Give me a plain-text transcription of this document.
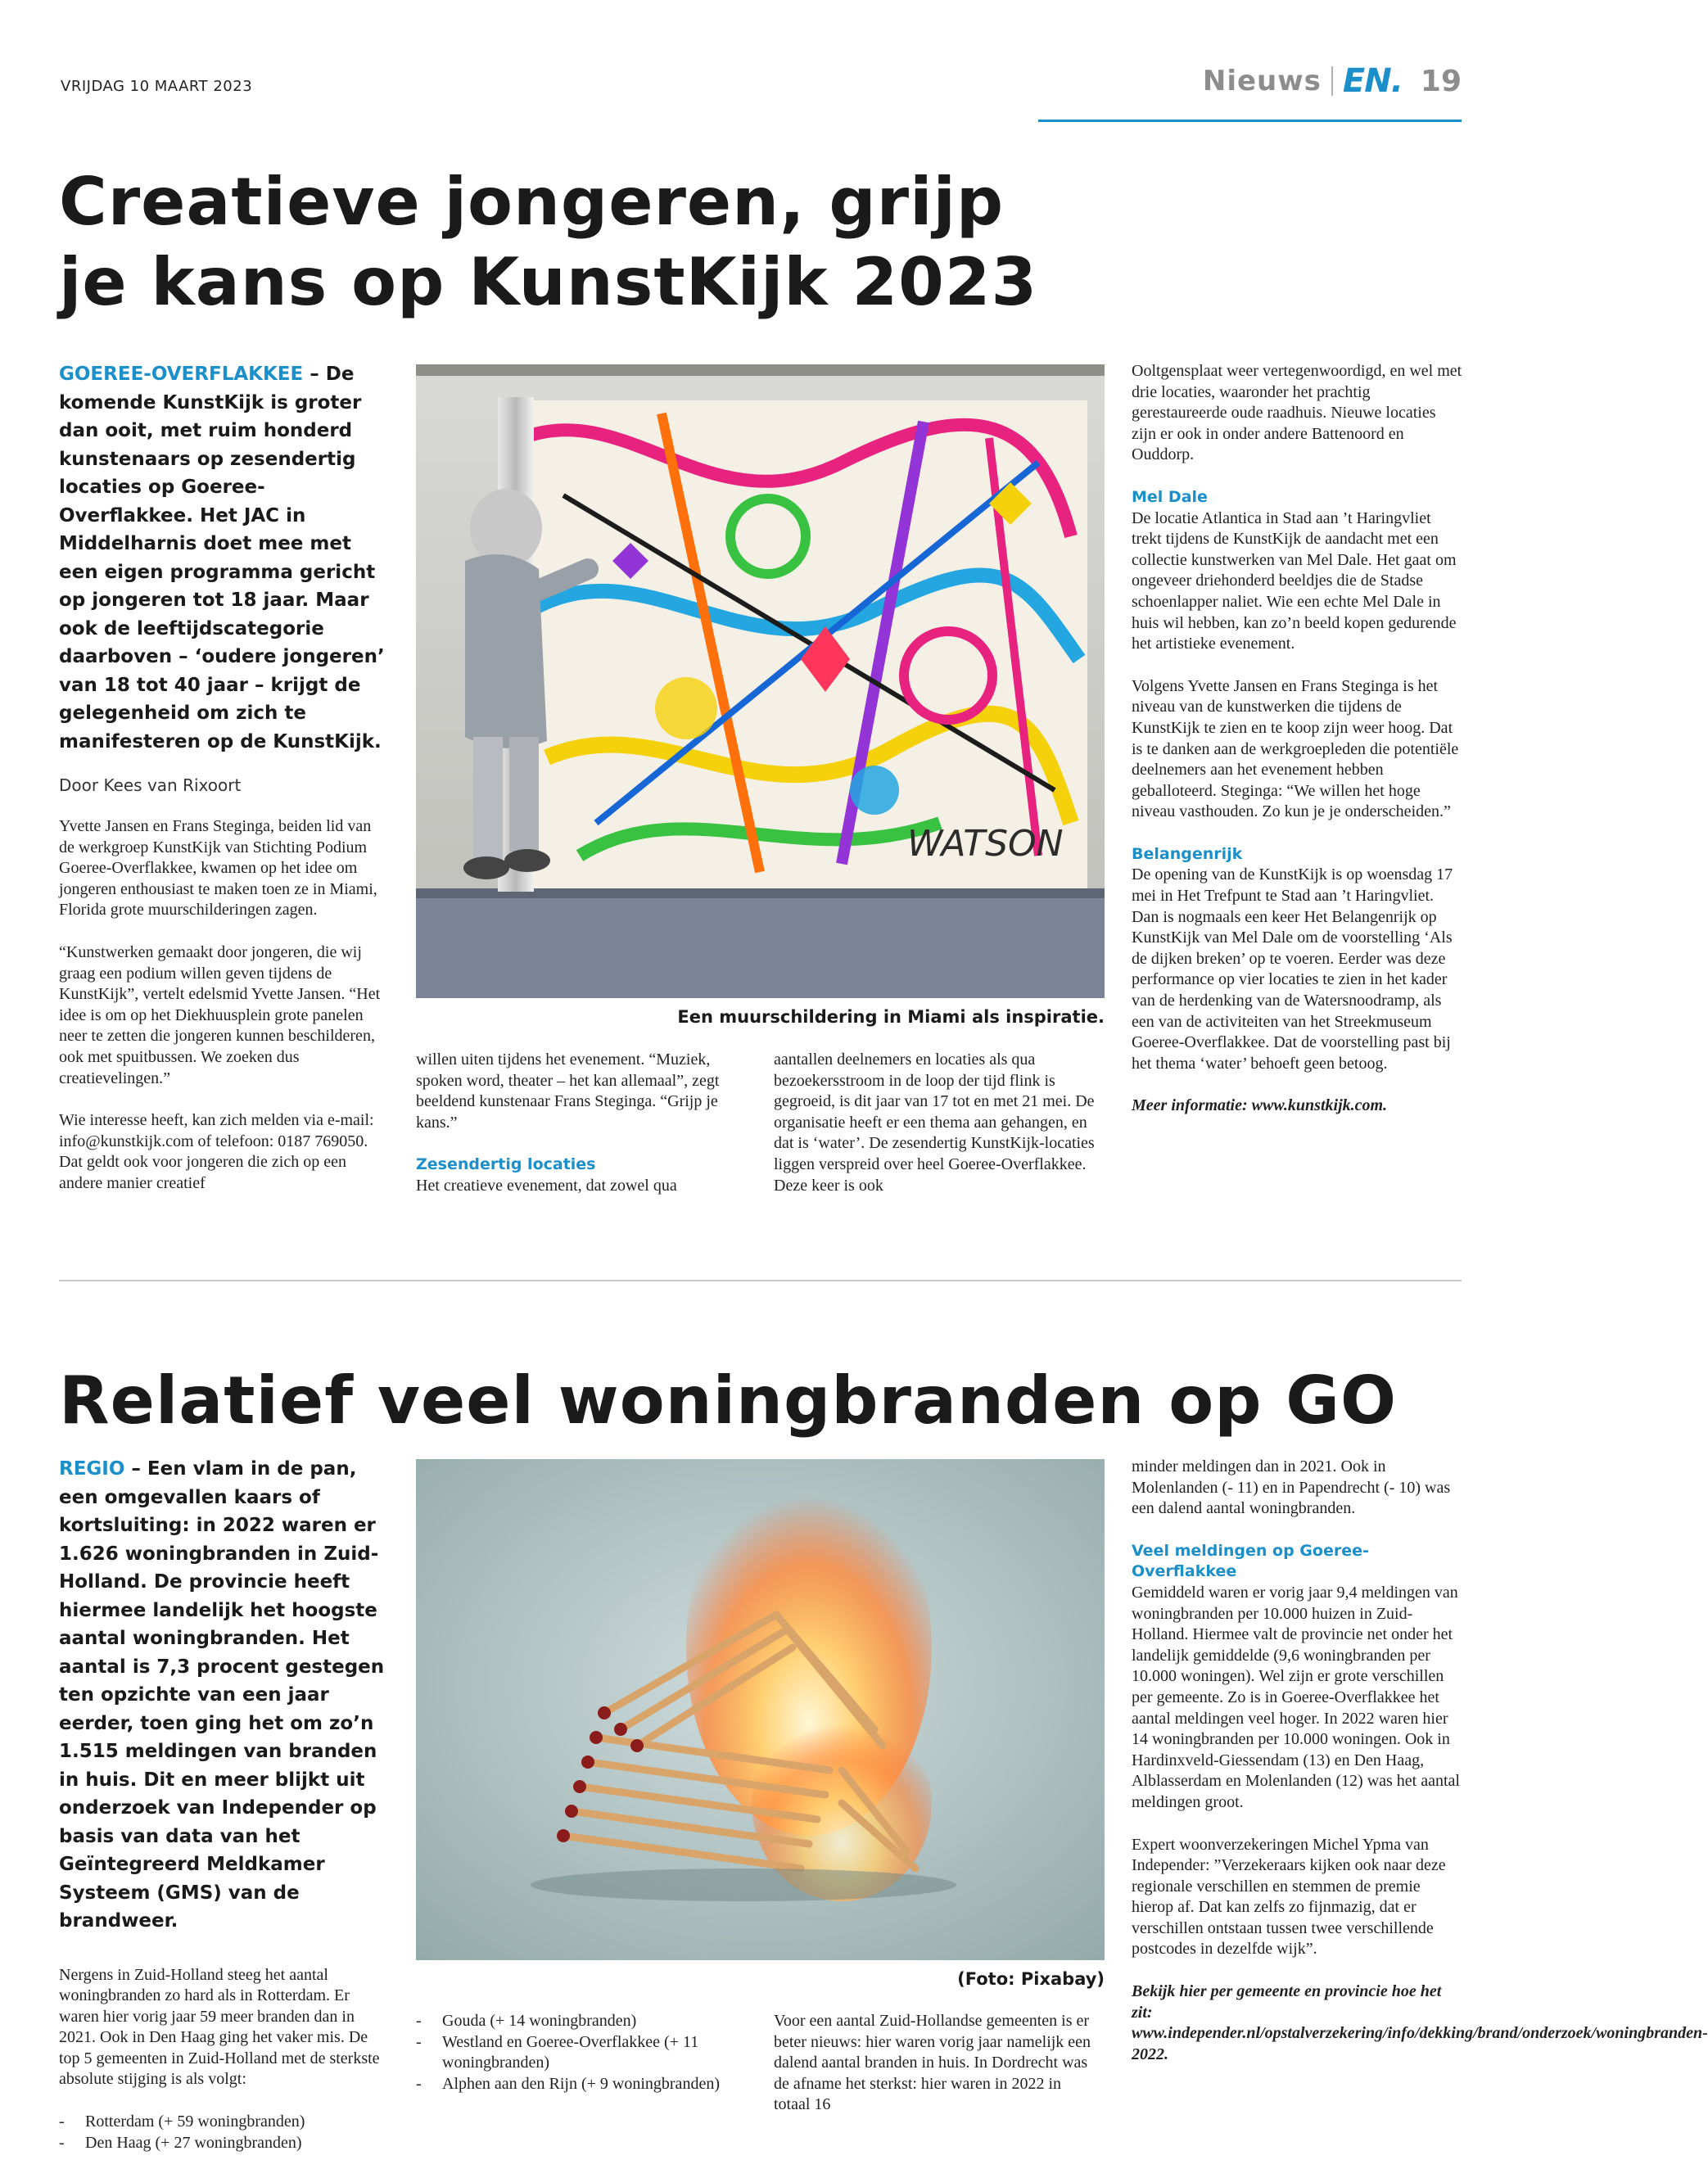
VRIJDAG 10 MAART 2023	Nieuws EN. 19
Creatieve jongeren, grijp
je kans op KunstKijk 2023
GOEREE-OVERFLAKKEE – De komende KunstKijk is groter dan ooit, met ruim honderd kunstenaars op zesendertig locaties op Goeree-Overflakkee. Het JAC in Middelharnis doet mee met een eigen programma gericht op jongeren tot 18 jaar. Maar ook de leeftijdscategorie daarboven – ‘oudere jongeren’ van 18 tot 40 jaar – krijgt de gelegenheid om zich te manifesteren op de KunstKijk.
Door Kees van Rixoort

Yvette Jansen en Frans Steginga, beiden lid van de werkgroep KunstKijk van Stichting Podium Goeree-Overflakkee, kwamen op het idee om jongeren enthousiast te maken toen ze in Miami, Florida grote muurschilderingen zagen.

“Kunstwerken gemaakt door jongeren, die wij graag een podium willen geven tijdens de KunstKijk”, vertelt edelsmid Yvette Jansen. “Het idee is om op het Diekhuusplein grote panelen neer te zetten die jongeren kunnen beschilderen, ook met spuitbussen. We zoeken dus creatievelingen.”

Wie interesse heeft, kan zich melden via e-mail: info@kunstkijk.com of telefoon: 0187 769050. Dat geldt ook voor jongeren die zich op een andere manier creatief

WATSON
Een muurschildering in Miami als inspiratie.

willen uiten tijdens het evenement. “Muziek, spoken word, theater – het kan allemaal”, zegt beeldend kunstenaar Frans Steginga. “Grijp je kans.”

Zesendertig locaties

Het creatieve evenement, dat zowel qua

aantallen deelnemers en locaties als qua bezoekersstroom in de loop der tijd flink is gegroeid, is dit jaar van 17 tot en met 21 mei. De organisatie heeft er een thema aan gehangen, en dat is ‘water’. De zesendertig KunstKijk-locaties liggen verspreid over heel Goeree-Overflakkee. Deze keer is ook

Ooltgensplaat weer vertegenwoordigd, en wel met drie locaties, waaronder het prachtig gerestaureerde oude raadhuis. Nieuwe locaties zijn er ook in onder andere Battenoord en Ouddorp.

Mel Dale

De locatie Atlantica in Stad aan ’t Haringvliet trekt tijdens de KunstKijk de aandacht met een collectie kunstwerken van Mel Dale. Het gaat om ongeveer driehonderd beeldjes die de Stadse schoenlapper naliet. Wie een echte Mel Dale in huis wil hebben, kan zo’n beeld kopen gedurende het artistieke evenement.

Volgens Yvette Jansen en Frans Steginga is het niveau van de kunstwerken die tijdens de KunstKijk te zien en te koop zijn weer hoog. Dat is te danken aan de werkgroepleden die potentiële deelnemers aan het evenement hebben geballoteerd. Steginga: “We willen het hoge niveau vasthouden. Zo kun je je onderscheiden.”

Belangenrijk

De opening van de KunstKijk is op woensdag 17 mei in Het Trefpunt te Stad aan ’t Haringvliet. Dan is nogmaals een keer Het Belangenrijk op KunstKijk van Mel Dale om de voorstelling ‘Als de dijken breken’ op te voeren. Eerder was deze performance op vier locaties te zien in het kader van de herdenking van de Watersnoodramp, als een van de activiteiten van het Streekmuseum Goeree-Overflakkee. Dat de voorstelling past bij het thema ‘water’ behoeft geen betoog.

Meer informatie: www.kunstkijk.com.

Relatief veel woningbranden op GO
REGIO – Een vlam in de pan, een omgevallen kaars of kortsluiting: in 2022 waren er 1.626 woningbranden in Zuid-Holland. De provincie heeft hiermee landelijk het hoogste aantal woningbranden. Het aantal is 7,3 procent gestegen ten opzichte van een jaar eerder, toen ging het om zo’n 1.515 meldingen van branden in huis. Dit en meer blijkt uit onderzoek van Independer op basis van data van het Geïntegreerd Meldkamer Systeem (GMS) van de brandweer.

Nergens in Zuid-Holland steeg het aantal woningbranden zo hard als in Rotterdam. Er waren hier vorig jaar 59 meer branden dan in 2021. Ook in Den Haag ging het vaker mis. De top 5 gemeenten in Zuid-Holland met de sterkste absolute stijging is als volgt:

- Rotterdam (+ 59 woningbranden)
- Den Haag (+ 27 woningbranden)
(Foto: Pixabay)
- Gouda (+ 14 woningbranden)
- Westland en Goeree-Overflakkee (+ 11 woningbranden)
- Alphen aan den Rijn (+ 9 woningbranden)

Voor een aantal Zuid-Hollandse gemeenten is er beter nieuws: hier waren vorig jaar namelijk een dalend aantal branden in huis. In Dordrecht was de afname het sterkst: hier waren in 2022 in totaal 16

minder meldingen dan in 2021. Ook in Molenlanden (- 11) en in Papendrecht (- 10) was een dalend aantal woningbranden.

Veel meldingen op Goeree-Overflakkee

Gemiddeld waren er vorig jaar 9,4 meldingen van woningbranden per 10.000 huizen in Zuid-Holland. Hiermee valt de provincie net onder het landelijk gemiddelde (9,6 woningbranden per 10.000 woningen). Wel zijn er grote verschillen per gemeente. Zo is in Goeree-Overflakkee het aantal meldingen veel hoger. In 2022 waren hier 14 woningbranden per 10.000 woningen. Ook in Hardinxveld-Giessendam (13) en Den Haag, Alblasserdam en Molenlanden (12) was het aantal meldingen groot.

Expert woonverzekeringen Michel Ypma van Independer: ”Verzekeraars kijken ook naar deze regionale verschillen en stemmen de premie hierop af. Dat kan zelfs zo fijnmazig, dat er verschillen ontstaan tussen twee verschillende postcodes in dezelfde wijk”.

Bekijk hier per gemeente en provincie hoe het zit: www.independer.nl/opstalverzekering/info/dekking/brand/onderzoek/woningbranden-2022.
